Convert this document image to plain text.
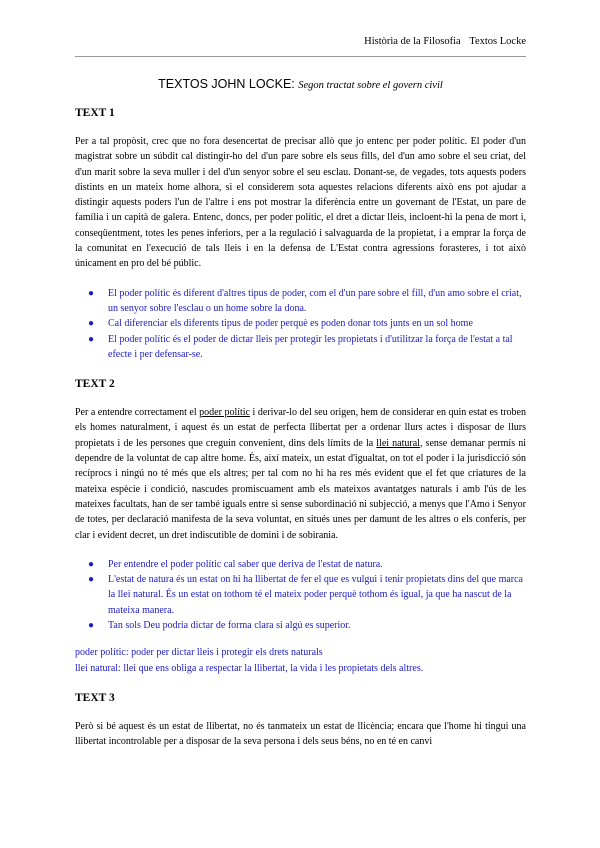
Història de la Filosofia Textos Locke
TEXTOS JOHN LOCKE: Segon tractat sobre el govern civil
TEXT 1

Per a tal propòsit, crec que no fora desencertat de precisar allò que jo entenc per poder polític. El poder d'un magistrat sobre un súbdit cal distingir-ho del d'un pare sobre els seus fills, del d'un amo sobre el seu criat, del d'un marit sobre la seva muller i del d'un senyor sobre el seu esclau. Donant-se, de vegades, tots aquests poders distints en un mateix home alhora, si el considerem sota aquestes relacions diferents això ens pot ajudar a distingir aquests poders l'un de l'altre i ens pot mostrar la diferència entre un governant de l'Estat, un pare de família i un capità de galera. Entenc, doncs, per poder polític, el dret a dictar lleis, incloent-hi la pena de mort i, conseqüentment, totes les penes inferiors, per a la regulació i salvaguarda de la propietat, i a emprar la força de la comunitat en l'execució de tals lleis i en la defensa de L'Estat contra agressions forasteres, i tot això únicament en pro del bé públic.

● El poder polític és diferent d'altres tipus de poder, com el d'un pare sobre el fill, d'un amo sobre el criat, un senyor sobre l'esclau o un home sobre la dona.
● Cal diferenciar els diferents tipus de poder perquè es poden donar tots junts en un sol home
● El poder polític és el poder de dictar lleis per protegir les propietats i d'utilitzar la força de l'estat a tal efecte i per defensar-se.
TEXT 2

Per a entendre correctament el poder polític i derivar-lo del seu origen, hem de considerar en quin estat es troben els homes naturalment, i aquest és un estat de perfecta llibertat per a ordenar llurs actes i disposar de llurs propietats i de les persones que creguin convenient, dins dels límits de la llei natural, sense demanar permís ni dependre de la voluntat de cap altre home. És, així mateix, un estat d'igualtat, on tot el poder i la jurisdicció són recíprocs i ningú no té més que els altres; per tal com no hi ha res més evident que el fet que criatures de la mateixa espècie i condició, nascudes promiscuament amb els mateixos avantatges naturals i amb l'ús de les mateixes facultats, han de ser també iguals entre si sense subordinació ni subjecció, a menys que l'Amo i Senyor de totes, per declaració manifesta de la seva voluntat, en situés unes per damunt de les altres o els conferís, per clar i evident decret, un dret indiscutible de domini i de sobirania.

● Per entendre el poder polític cal saber que deriva de l'estat de natura.
● L'estat de natura és un estat on hi ha llibertat de fer el que es vulgui i tenir propietats dins del que marca la llei natural. És un estat on tothom té el mateix poder perquè tothom és igual, ja que ha nascut de la mateixa manera.
● Tan sols Deu podria dictar de forma clara si algú es superior.
poder polític: poder per dictar lleis i protegir els drets naturals
llei natural: llei que ens obliga a respectar la llibertat, la vida i les propietats dels altres.
TEXT 3

Però si bé aquest és un estat de llibertat, no és tanmateix un estat de llicència; encara que l'home hi tingui una llibertat incontrolable per a disposar de la seva persona i dels seus béns, no en té en canvi
